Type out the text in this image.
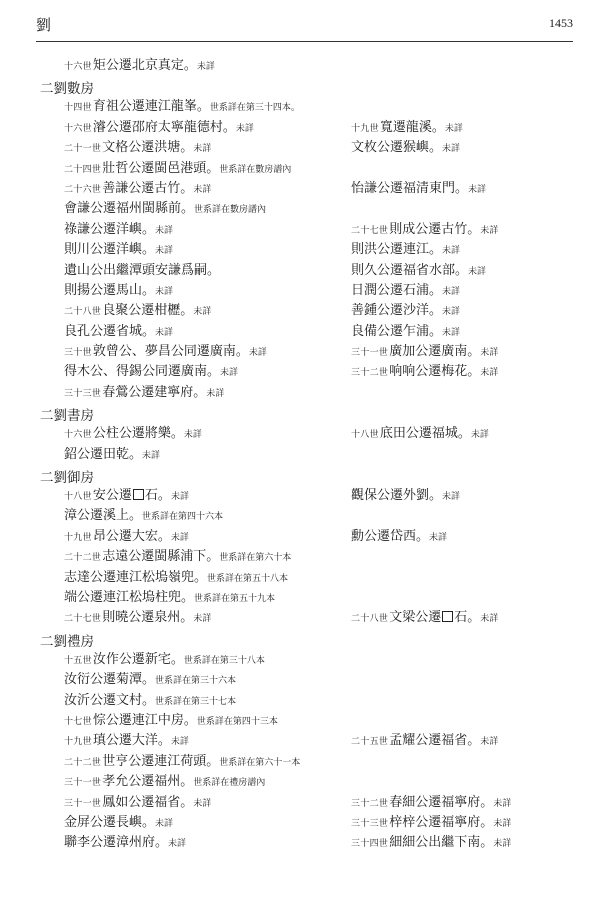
劉	1453
十六世矩公遷北京真定。未詳
二劉數房
十四世育祖公遷連江龍峯。世系詳在第三十四本。
十六世濬公遷邵府太寧龍德村。未詳	十九世寬遷龍溪。未詳
二十一世文格公遷洪塘。未詳	文枚公遷猴嶼。未詳
二十四世壯哲公遷閩邑港頭。世系詳在數房譜內
二十六世善謙公遷古竹。未詳	怡謙公遷福清東門。未詳
會謙公遷福州閩縣前。世系詳在數房譜內
祿謙公遷洋嶼。未詳	二十七世則成公遷古竹。未詳
則川公遷洋嶼。未詳	則洪公遷連江。未詳
遺山公出繼潭頭安謙爲嗣。	則久公遷福省水部。未詳
則揚公遷馬山。未詳	日潤公遷石浦。未詳
二十八世良聚公遷柑櫪。未詳	善鍾公遷沙洋。未詳
良孔公遷省城。未詳	良備公遷乍浦。未詳
三十世敦曾公、夢昌公同遷廣南。未詳	三十一世廣加公遷廣南。未詳
得木公、得錫公同遷廣南。未詳	三十二世响响公遷梅花。未詳
三十三世春鶯公遷建寧府。未詳
二劉書房
十六世公柱公遷將樂。未詳	十八世底田公遷福城。未詳
鉊公遷田乾。未詳
二劉御房
十八世安公遷 石。未詳	觀保公遷外劉。未詳
漳公遷溪上。世系詳在第四十六本
十九世昂公遷大宏。未詳	勳公遷岱西。未詳
二十二世志遠公遷閩縣浦下。世系詳在第六十本
志達公遷連江松塢嶺兜。世系詳在第五十八本
端公遷連江松塢柱兜。世系詳在第五十九本
二十七世則曉公遷泉州。未詳	二十八世文梁公遷 石。未詳
二劉禮房
十五世汝作公遷新宅。世系詳在第三十八本
汝衍公遷菊潭。世系詳在第三十六本
汝沂公遷文村。世系詳在第三十七本
十七世悰公遷連江中房。世系詳在第四十三本
十九世瑱公遷大洋。未詳	二十五世孟耀公遷福省。未詳
二十二世世亨公遷連江荷頭。世系詳在第六十一本
三十一世孝允公遷福州。世系詳在禮房譜內
三十一世鳳如公遷福省。未詳	三十二世春細公遷福寧府。未詳
金屏公遷長嶼。未詳	三十三世梓梓公遷福寧府。未詳
聯李公遷漳州府。未詳	三十四世細細公出繼下南。未詳
